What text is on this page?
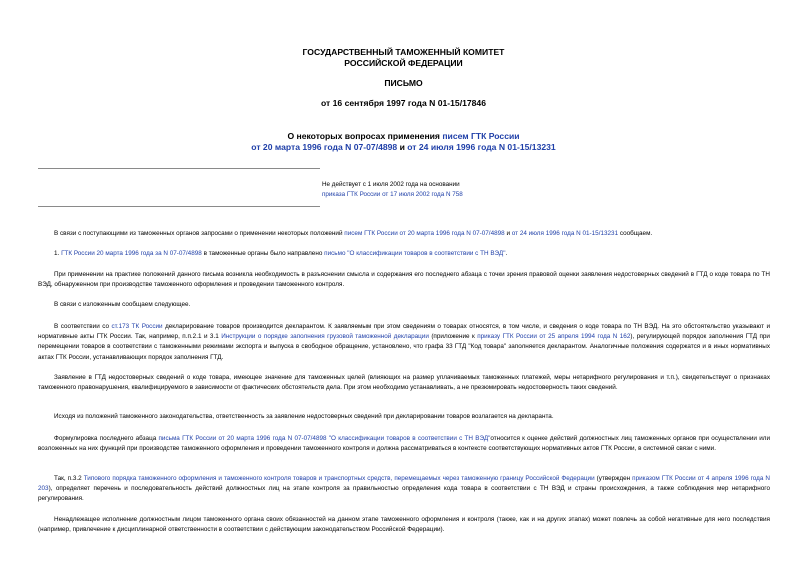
ГОСУДАРСТВЕННЫЙ ТАМОЖЕННЫЙ КОМИТЕТ
РОССИЙСКОЙ ФЕДЕРАЦИИ
ПИСЬМО
от 16 сентября 1997 года N 01-15/17846
О некоторых вопросах применения писем ГТК России
от 20 марта 1996 года N 07-07/4898 и от 24 июля 1996 года N 01-15/13231
Не действует с 1 июля 2002 года на основании
приказа ГТК России от 17 июля 2002 года N 758
В связи с поступающими из таможенных органов запросами о применении некоторых положений писем ГТК России от 20 марта 1996 года N 07-07/4898 и от 24 июля 1996 года N 01-15/13231 сообщаем.
1. ГТК России 20 марта 1996 года за N 07-07/4898 в таможенные органы было направлено письмо "О классификации товаров в соответствии с ТН ВЭД".
При применении на практике положений данного письма возникла необходимость в разъяснении смысла и содержания его последнего абзаца с точки зрения правовой оценки заявления недостоверных сведений в ГТД о коде товара по ТН ВЭД, обнаруженном при производстве таможенного оформления и проведении таможенного контроля.
В связи с изложенным сообщаем следующее.
В соответствии со ст.173 ТК России декларирование товаров производится декларантом. К заявляемым при этом сведениям о товарах относятся, в том числе, и сведения о коде товара по ТН ВЭД. На это обстоятельство указывают и нормативные акты ГТК России. Так, например, п.п.2.1 и 3.1 Инструкции о порядке заполнения грузовой таможенной декларации (приложение к приказу ГТК России от 25 апреля 1994 года N 162), регулирующей порядок заполнения ГТД при перемещении товаров в соответствии с таможенными режимами экспорта и выпуска в свободное обращение, установлено, что графа 33 ГТД "Код товара" заполняется декларантом. Аналогичные положения содержатся и в иных нормативных актах ГТК России, устанавливающих порядок заполнения ГТД.
Заявление в ГТД недостоверных сведений о коде товара, имеющее значение для таможенных целей (влияющих на размер уплачиваемых таможенных платежей, меры нетарифного регулирования и т.п.), свидетельствует о признаках таможенного правонарушения, квалифицируемого в зависимости от фактических обстоятельств дела. При этом необходимо устанавливать, а не презюмировать недостоверность таких сведений.
Исходя из положений таможенного законодательства, ответственность за заявление недостоверных сведений при декларировании товаров возлагается на декларанта.
Формулировка последнего абзаца письма ГТК России от 20 марта 1996 года N 07-07/4898 "О классификации товаров в соответствии с ТН ВЭД"относится к оценке действий должностных лиц таможенных органов при осуществлении или возложенных на них функций при производстве таможенного оформления и проведении таможенного контроля и должна рассматриваться в контексте соответствующих нормативных актов ГТК России, в системной связи с ними.
Так, п.3.2 Типового порядка таможенного оформления и таможенного контроля товаров и транспортных средств, перемещаемых через таможенную границу Российской Федерации (утвержден приказом ГТК России от 4 апреля 1996 года N 203), определяет перечень и последовательность действий должностных лиц на этапе контроля за правильностью определения кода товара в соответствии с ТН ВЭД и страны происхождения, а также соблюдения мер нетарифного регулирования.
Ненадлежащее исполнение должностным лицом таможенного органа своих обязанностей на данном этапе таможенного оформления и контроля (также, как и на других этапах) может повлечь за собой негативные для него последствия (например, привлечение к дисциплинарной ответственности в соответствии с действующим законодательством Российской Федерации).
